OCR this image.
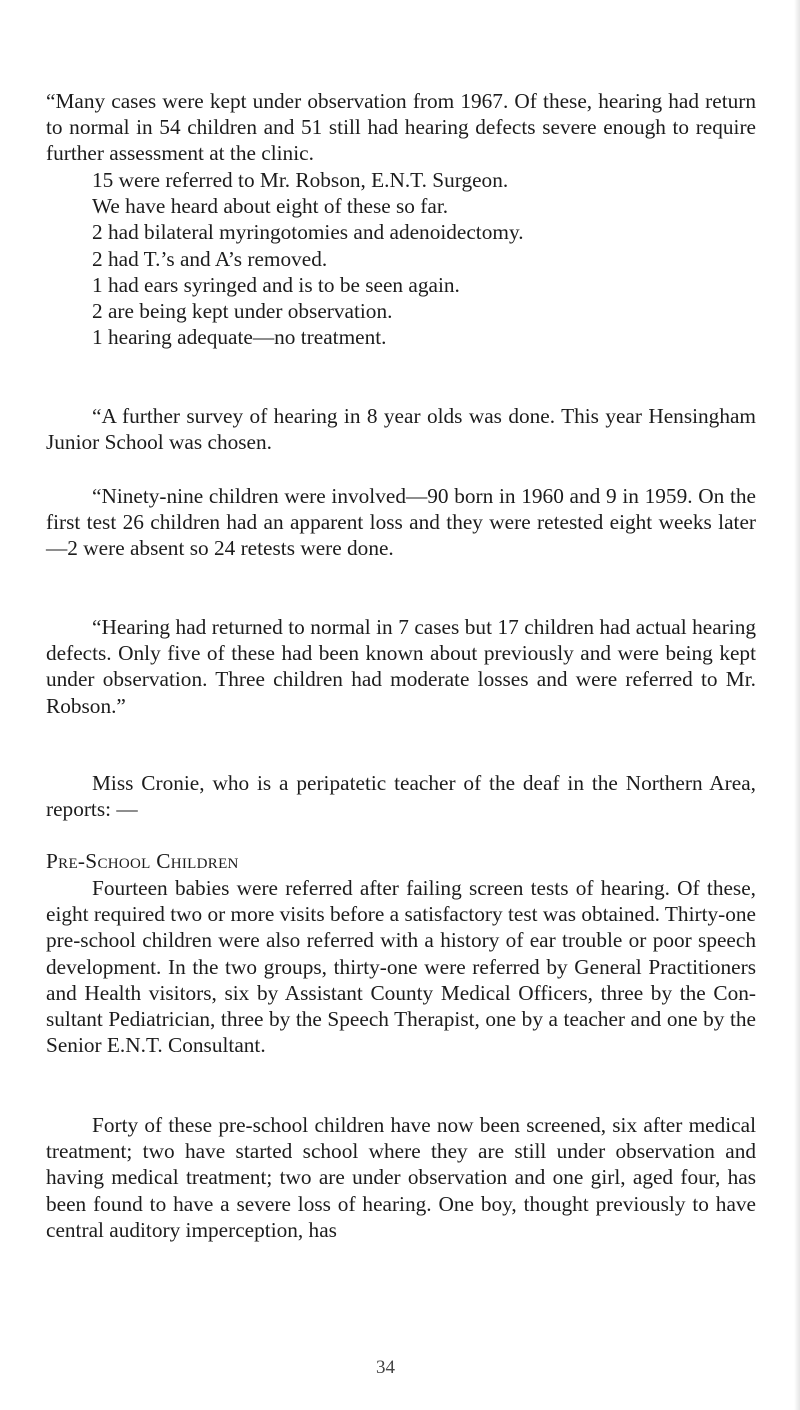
“Many cases were kept under observation from 1967. Of these, hearing had return to normal in 54 children and 51 still had hearing defects severe enough to require further assessment at the clinic.

15 were referred to Mr. Robson, E.N.T. Surgeon.
We have heard about eight of these so far.
2 had bilateral myringotomies and adenoidectomy.
2 had T.’s and A’s removed.
1 had ears syringed and is to be seen again.
2 are being kept under observation.
1 hearing adequate—no treatment.

“A further survey of hearing in 8 year olds was done. This year Hensingham Junior School was chosen.

“Ninety-nine children were involved—90 born in 1960 and 9 in 1959. On the first test 26 children had an apparent loss and they were retested eight weeks later—2 were absent so 24 retests were done.

“Hearing had returned to normal in 7 cases but 17 children had actual hearing defects. Only five of these had been known about previously and were being kept under observation. Three children had moderate losses and were referred to Mr. Robson.”

Miss Cronie, who is a peripatetic teacher of the deaf in the Northern Area, reports: —

Pre-School Children

Fourteen babies were referred after failing screen tests of hearing. Of these, eight required two or more visits before a satisfactory test was obtained. Thirty-one pre-school children were also referred with a history of ear trouble or poor speech development. In the two groups, thirty-one were referred by General Practitioners and Health visitors, six by Assistant County Medical Officers, three by the Con-sultant Pediatrician, three by the Speech Therapist, one by a teacher and one by the Senior E.N.T. Consultant.

Forty of these pre-school children have now been screened, six after medical treatment; two have started school where they are still under observation and having medical treatment; two are under observation and one girl, aged four, has been found to have a severe loss of hearing. One boy, thought previously to have central auditory imperception, has

34
